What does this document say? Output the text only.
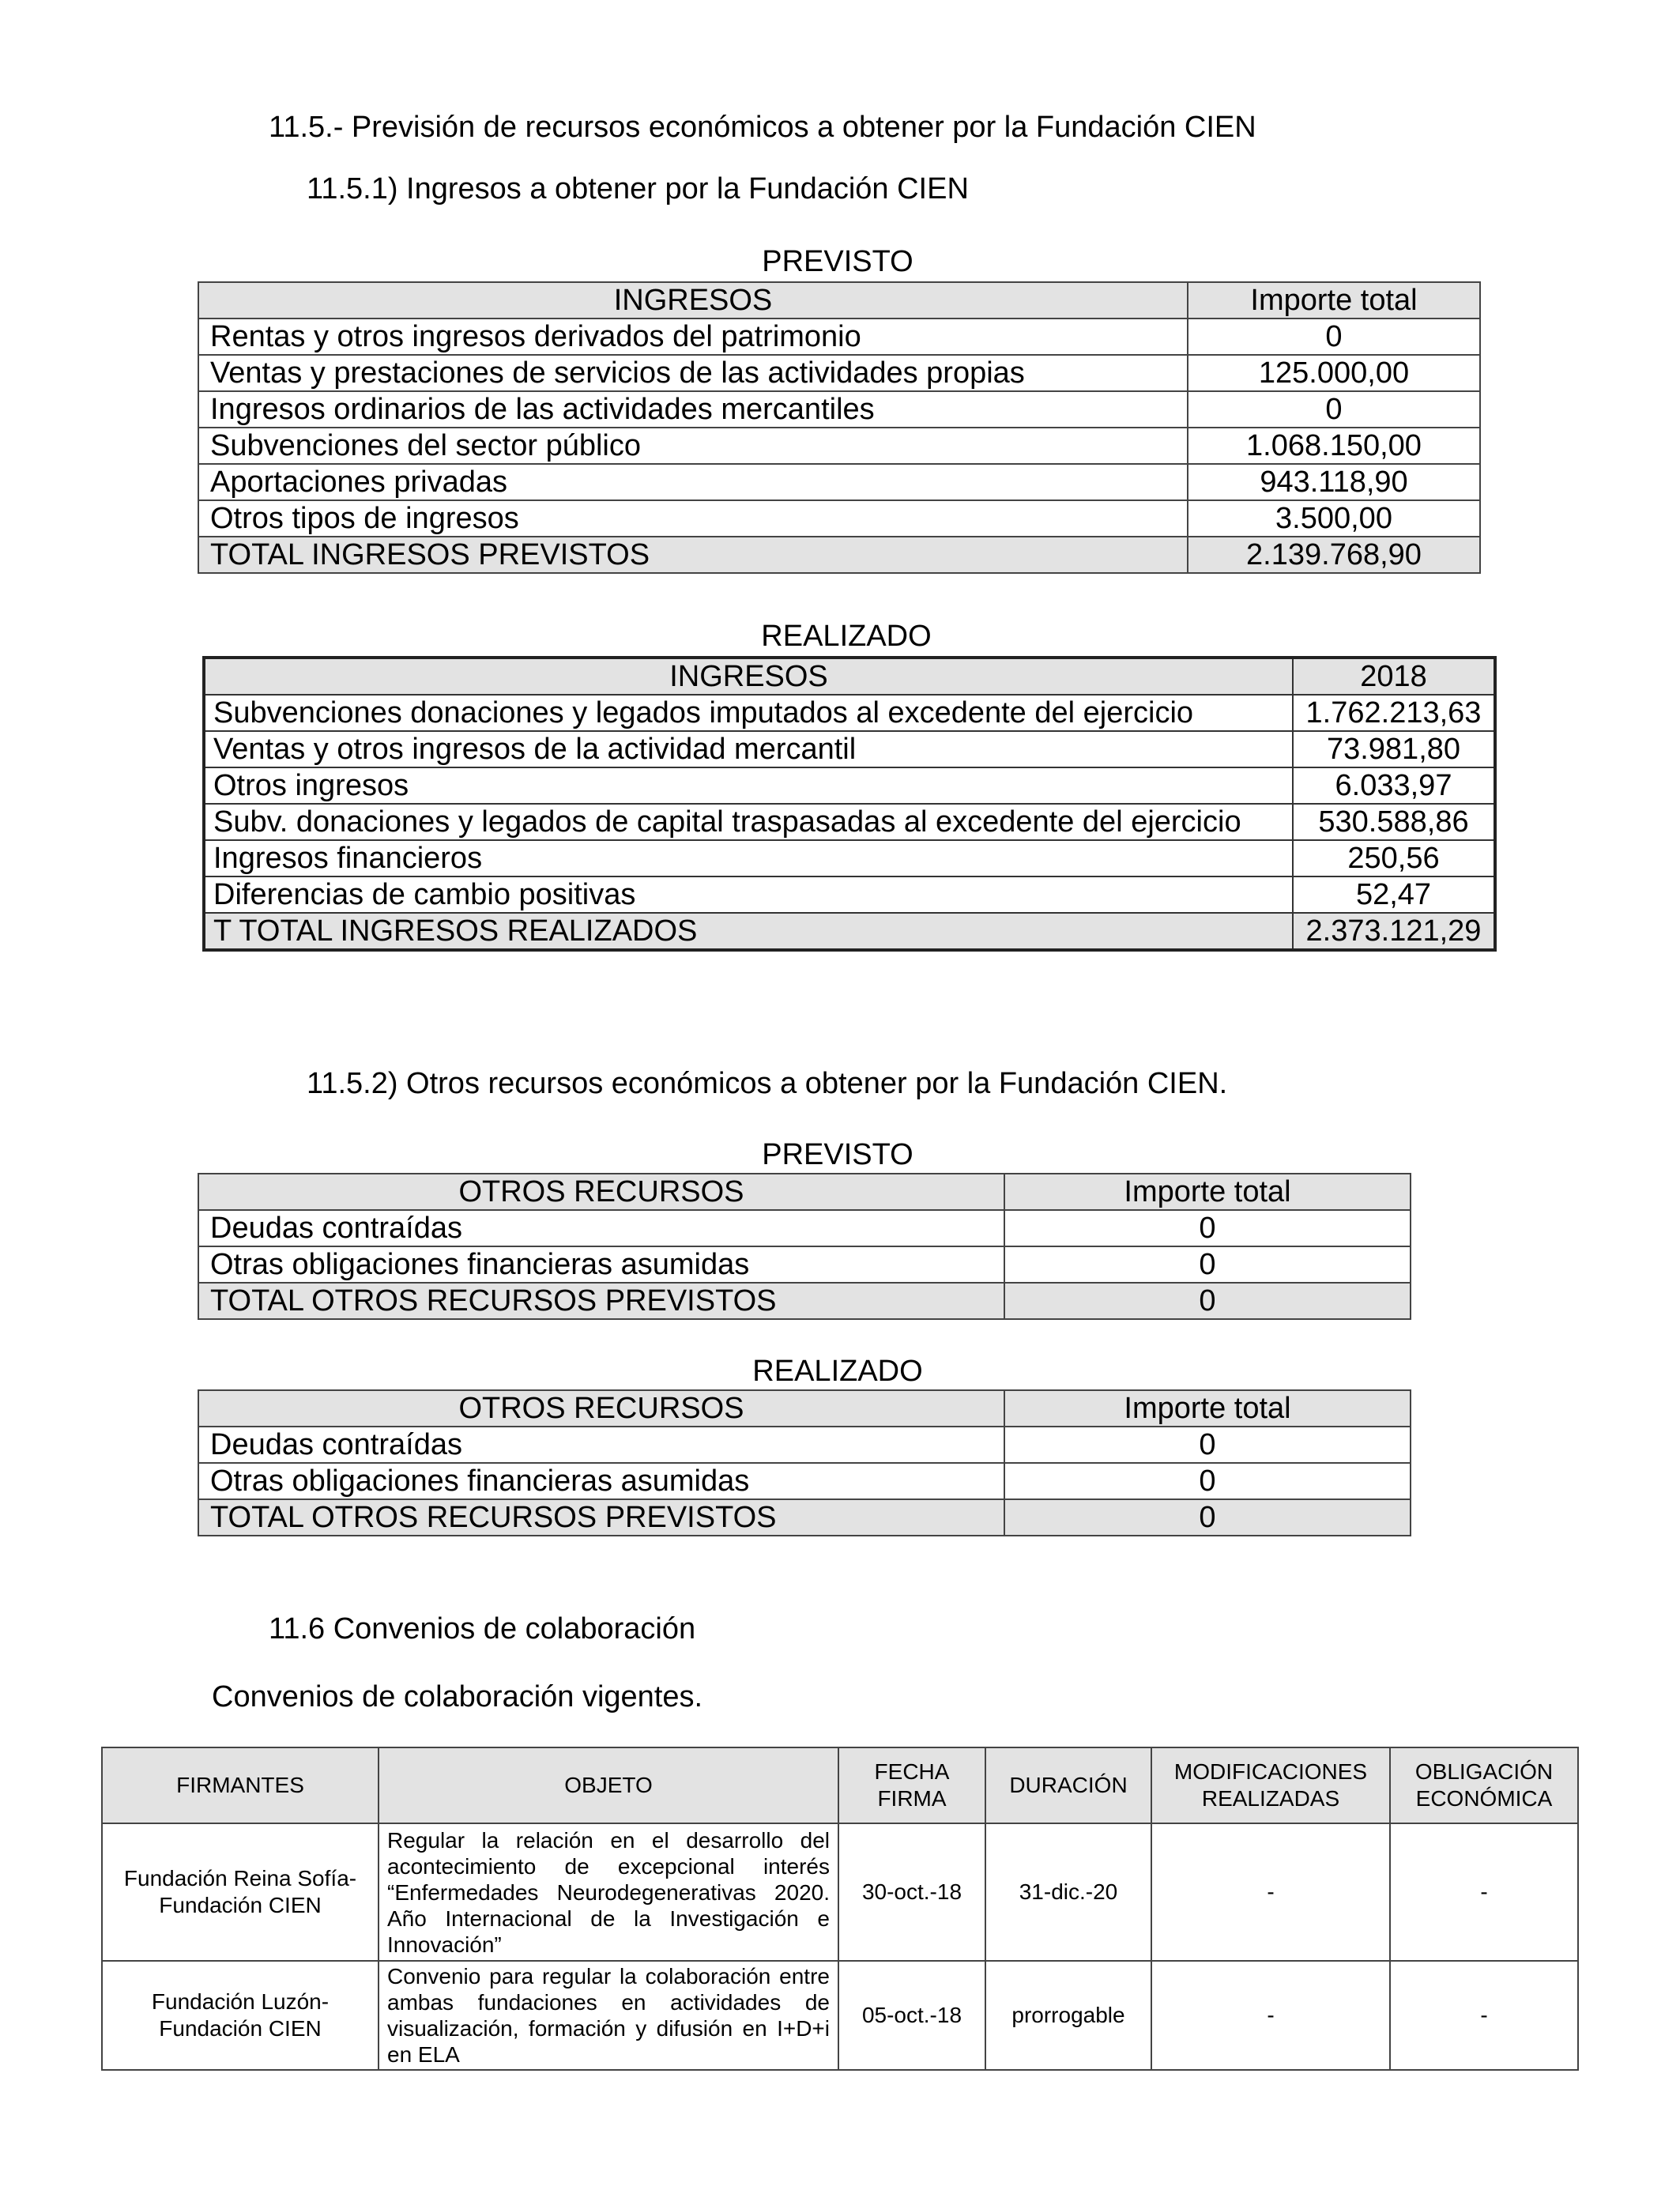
11.5.- Previsión de recursos económicos a obtener por la Fundación CIEN
11.5.1) Ingresos a obtener por la Fundación CIEN
PREVISTO
INGRESOS	Importe total
Rentas y otros ingresos derivados del patrimonio	0
Ventas y prestaciones de servicios de las actividades propias	125.000,00
Ingresos ordinarios de las actividades mercantiles	0
Subvenciones del sector público	1.068.150,00
Aportaciones privadas	943.118,90
Otros tipos de ingresos	3.500,00
TOTAL INGRESOS PREVISTOS	2.139.768,90
REALIZADO
INGRESOS	2018
Subvenciones donaciones y legados imputados al excedente del ejercicio	1.762.213,63
Ventas y otros ingresos de la actividad mercantil	73.981,80
Otros ingresos	6.033,97
Subv. donaciones y legados de capital traspasadas al excedente del ejercicio	530.588,86
Ingresos financieros	250,56
Diferencias de cambio positivas	52,47
T TOTAL INGRESOS REALIZADOS	2.373.121,29
11.5.2) Otros recursos económicos a obtener por la Fundación CIEN.
PREVISTO
OTROS RECURSOS	Importe total
Deudas contraídas	0
Otras obligaciones financieras asumidas	0
TOTAL OTROS RECURSOS PREVISTOS	0
REALIZADO
OTROS RECURSOS	Importe total
Deudas contraídas	0
Otras obligaciones financieras asumidas	0
TOTAL OTROS RECURSOS PREVISTOS	0
11.6 Convenios de colaboración
Convenios de colaboración vigentes.
FIRMANTES	OBJETO	FECHA FIRMA	DURACIÓN	MODIFICACIONES REALIZADAS	OBLIGACIÓN ECONÓMICA
Fundación Reina Sofía- Fundación CIEN	Regular la relación en el desarrollo del acontecimiento de excepcional interés “Enfermedades Neurodegenerativas 2020. Año Internacional de la Investigación e Innovación”	30-oct.-18	31-dic.-20	-	-
Fundación Luzón- Fundación CIEN	Convenio para regular la colaboración entre ambas fundaciones en actividades de visualización, formación y difusión en I+D+i en ELA	05-oct.-18	prorrogable	-	-
